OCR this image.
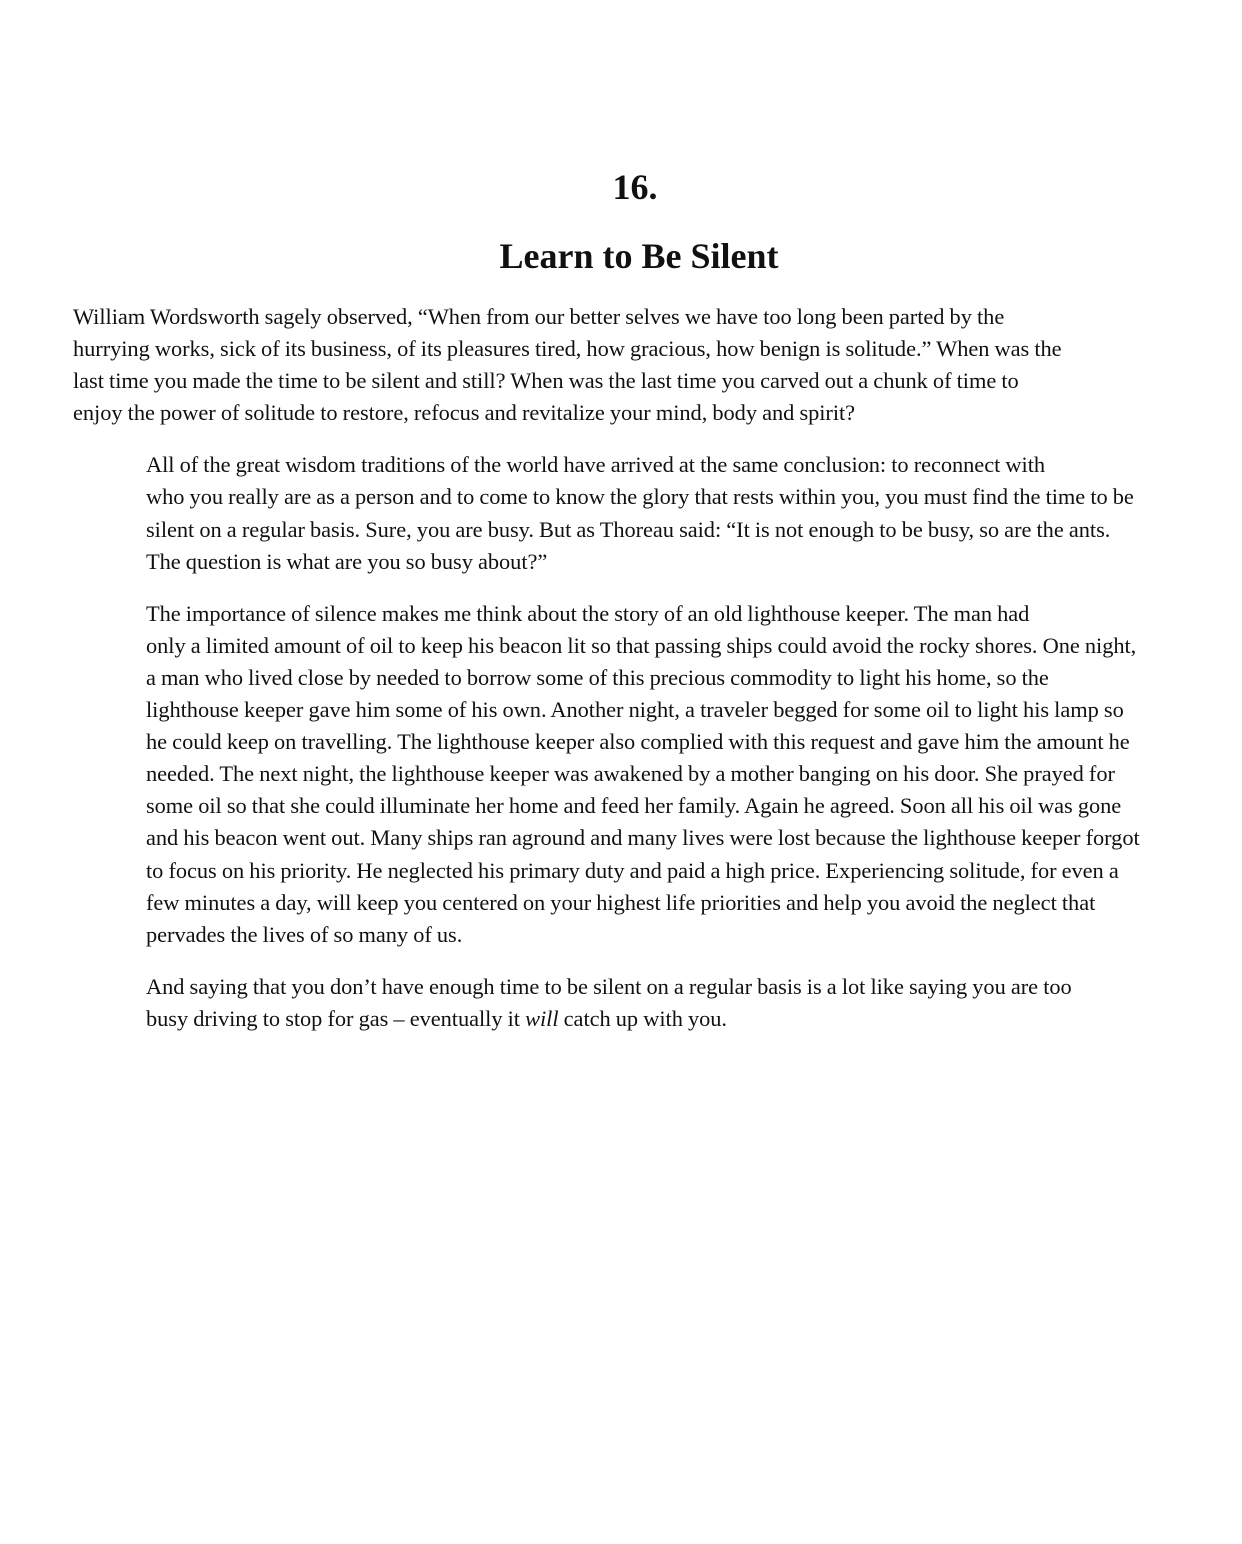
16.
Learn to Be Silent

William Wordsworth sagely observed, “When from our better selves we have too long been parted by the
hurrying works, sick of its business, of its pleasures tired, how gracious, how benign is solitude.” When was the
last time you made the time to be silent and still? When was the last time you carved out a chunk of time to
enjoy the power of solitude to restore, refocus and revitalize your mind, body and spirit?

All of the great wisdom traditions of the world have arrived at the same conclusion: to reconnect with
who you really are as a person and to come to know the glory that rests within you, you must find the time to be
silent on a regular basis. Sure, you are busy. But as Thoreau said: “It is not enough to be busy, so are the ants.
The question is what are you so busy about?”

The importance of silence makes me think about the story of an old lighthouse keeper. The man had
only a limited amount of oil to keep his beacon lit so that passing ships could avoid the rocky shores. One night,
a man who lived close by needed to borrow some of this precious commodity to light his home, so the
lighthouse keeper gave him some of his own. Another night, a traveler begged for some oil to light his lamp so
he could keep on travelling. The lighthouse keeper also complied with this request and gave him the amount he
needed. The next night, the lighthouse keeper was awakened by a mother banging on his door. She prayed for
some oil so that she could illuminate her home and feed her family. Again he agreed. Soon all his oil was gone
and his beacon went out. Many ships ran aground and many lives were lost because the lighthouse keeper forgot
to focus on his priority. He neglected his primary duty and paid a high price. Experiencing solitude, for even a
few minutes a day, will keep you centered on your highest life priorities and help you avoid the neglect that
pervades the lives of so many of us.

And saying that you don’t have enough time to be silent on a regular basis is a lot like saying you are too
busy driving to stop for gas – eventually it will catch up with you.
